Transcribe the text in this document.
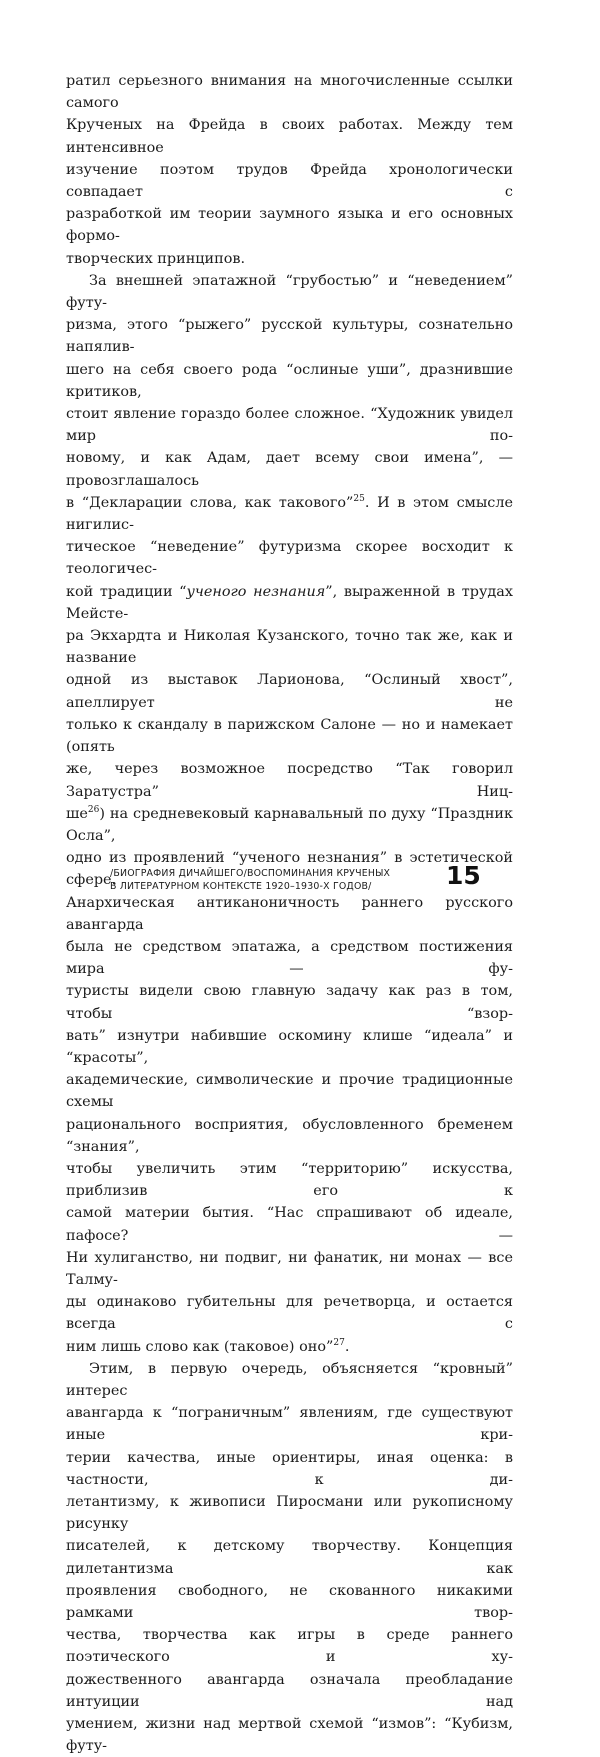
ратил серьезного внимания на многочисленные ссылки самого
Крученых на Фрейда в своих работах. Между тем интенсивное
изучение поэтом трудов Фрейда хронологически совпадает с
разработкой им теории заумного языка и его основных формо-
творческих принципов.

За внешней эпатажной “грубостью” и “неведением” футу-
ризма, этого “рыжего” русской культуры, сознательно напялив-
шего на себя своего рода “ослиные уши”, дразнившие критиков,
стоит явление гораздо более сложное. “Художник увидел мир по-
новому, и как Адам, дает всему свои имена”, — провозглашалось
в “Декларации слова, как такового”$^{25}$. И в этом смысле нигилис-
тическое “неведение” футуризма скорее восходит к теологичес-
кой традиции “ученого незнания”, выраженной в трудах Мейсте-
ра Экхардта и Николая Кузанского, точно так же, как и название
одной из выставок Ларионова, “Ослиный хвост”, апеллирует не
только к скандалу в парижском Салоне — но и намекает (опять
же, через возможное посредство “Так говорил Заратустра” Ниц-
$ше^{26}$) на средневековый карнавальный по духу “Праздник Осла”,
одно из проявлений “ученого незнания” в эстетической сфере.
Анархическая антиканоничность раннего русского авангарда
была не средством эпатажа, а средством постижения мира — фу-
туристы видели свою главную задачу как раз в том, чтобы “взор-
вать” изнутри набившие оскомину клише “идеала” и “красоты”,
академические, символические и прочие традиционные схемы
рационального восприятия, обусловленного бременем “знания”,
чтобы увеличить этим “территорию” искусства, приблизив его к
самой материи бытия. “Нас спрашивают об идеале, пафосе? —
Ни хулиганство, ни подвиг, ни фанатик, ни монах — все Талму-
ды одинаково губительны для речетворца, и остается всегда с
ним лишь слово как (таковое) оно”$^{27}$.

Этим, в первую очередь, объясняется “кровный” интерес
авангарда к “пограничным” явлениям, где существуют иные кри-
терии качества, иные ориентиры, иная оценка: в частности, к ди-
летантизму, к живописи Пиросмани или рукописному рисунку
писателей, к детскому творчеству. Концепция дилетантизма как
проявления свободного, не скованного никакими рамками твор-
чества, творчества как игры в среде раннего поэтического и ху-
дожественного авангарда означала преобладание интуиции над
умением, жизни над мертвой схемой “измов”: “Кубизм, футу-

/БИОГРАФИЯ ДИЧАЙШЕГО/ВОСПОМИНАНИЯ КРУЧЕНЫХ
В ЛИТЕРАТУРНОМ КОНТЕКСТЕ 1920–1930-Х ГОДОВ/	15
